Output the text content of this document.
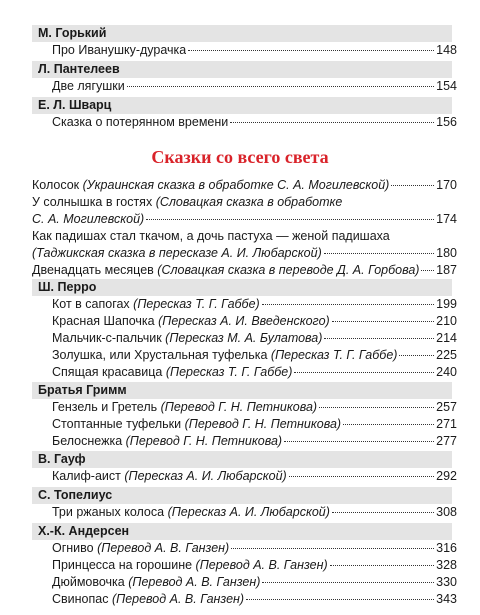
М. Горький
Про Иванушку-дурачка	148
Л. Пантелеев
Две лягушки	154
Е. Л. Шварц
Сказка о потерянном времени	156
Сказки со всего света
Колосок (Украинская сказка в обработке С. А. Могилевской)	170
У солнышка в гостях (Словацкая сказка в обработке
С. А. Могилевской)	174
Как падишах стал ткачом, а дочь пастуха — женой падишаха
(Таджикская сказка в пересказе А. И. Любарской)	180
Двенадцать месяцев (Словацкая сказка в переводе Д. А. Горбова) 187
Ш. Перро
Кот в сапогах (Пересказ Т. Г. Габбе)	199
Красная Шапочка (Пересказ А. И. Введенского)	210
Мальчик-с-пальчик (Пересказ М. А. Булатова)	214
Золушка, или Хрустальная туфелька (Пересказ Т. Г. Габбе)	225
Спящая красавица (Пересказ Т. Г. Габбе)	240
Братья Гримм
Гензель и Гретель (Перевод Г. Н. Петникова)	257
Стоптанные туфельки (Перевод Г. Н. Петникова)	271
Белоснежка (Перевод Г. Н. Петникова)	277
В. Гауф
Калиф-аист (Пересказ А. И. Любарской)	292
С. Топелиус
Три ржаных колоса (Пересказ А. И. Любарской)	308
Х.-К. Андерсен
Огниво (Перевод А. В. Ганзен)	316
Принцесса на горошине (Перевод А. В. Ганзен)	328
Дюймовочка (Перевод А. В. Ганзен)	330
Свинопас (Перевод А. В. Ганзен)	343
